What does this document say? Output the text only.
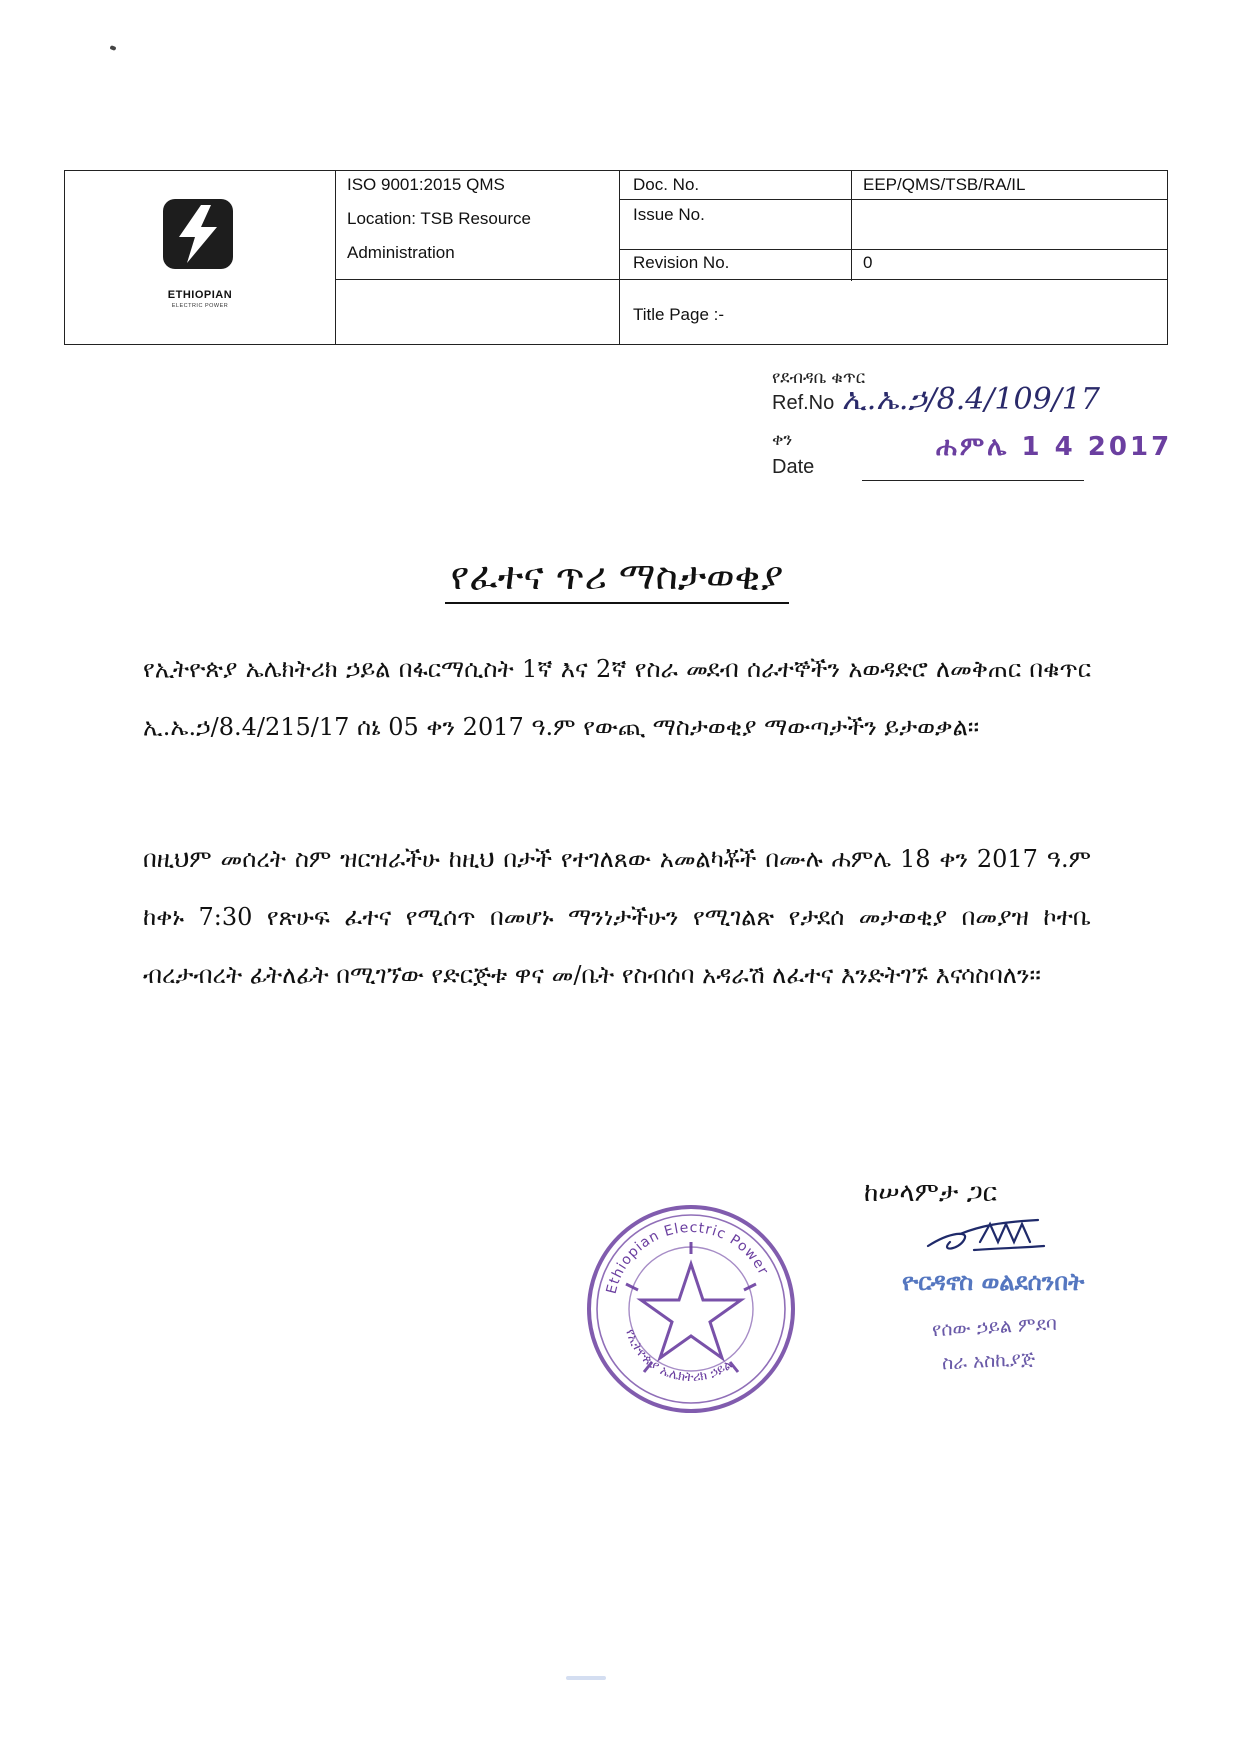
ETHIOPIAN
ELECTRIC POWER
ISO 9001:2015 QMS
Location: TSB Resource
Administration
Doc. No.	EEP/QMS/TSB/RA/IL
Issue No.
Revision No.	0
Title Page :-
የደብዳቤ ቁጥር
Ref.No ኢ.ኤ.ኃ/8.4/109/17
ቀን
Date
ሐምሌ 1 4 2017
የፈተና ጥሪ ማስታወቂያ
የኢትዮጵያ ኤሌክትሪክ ኃይል በፋርማሲስት 1ኛ እና 2ኛ የስራ መደብ ሰራተኞችን አወዳድሮ ለመቅጠር በቁጥር ኢ.ኤ.ኃ/8.4/215/17 ሰኔ 05 ቀን 2017 ዓ.ም የውጪ ማስታወቂያ ማውጣታችን ይታወቃል፡፡
በዚህም መሰረት ስም ዝርዝራችሁ ከዚህ በታች የተገለጸው አመልካቾች በሙሉ ሐምሌ 18 ቀን 2017 ዓ.ም ከቀኑ 7:30 የጽሁፍ ፈተና የሚሰጥ በመሆኑ ማንነታችሁን የሚገልጽ የታደሰ መታወቂያ በመያዝ ኮተቤ ብረታብረት ፊትለፊት በሚገኘው የድርጅቱ ዋና መ/ቤት የስብሰባ አዳራሽ ለፈተና እንድትገኙ እናሳስባለን፡፡
ከሠላምታ ጋር
ዮርዳኖስ ወልደሰንበት
የሰው ኃይል ምደባ
ስራ አስኪያጅ
Ethiopian Electric Power
የኢትዮጵያ ኤሌክትሪክ ኃይል
